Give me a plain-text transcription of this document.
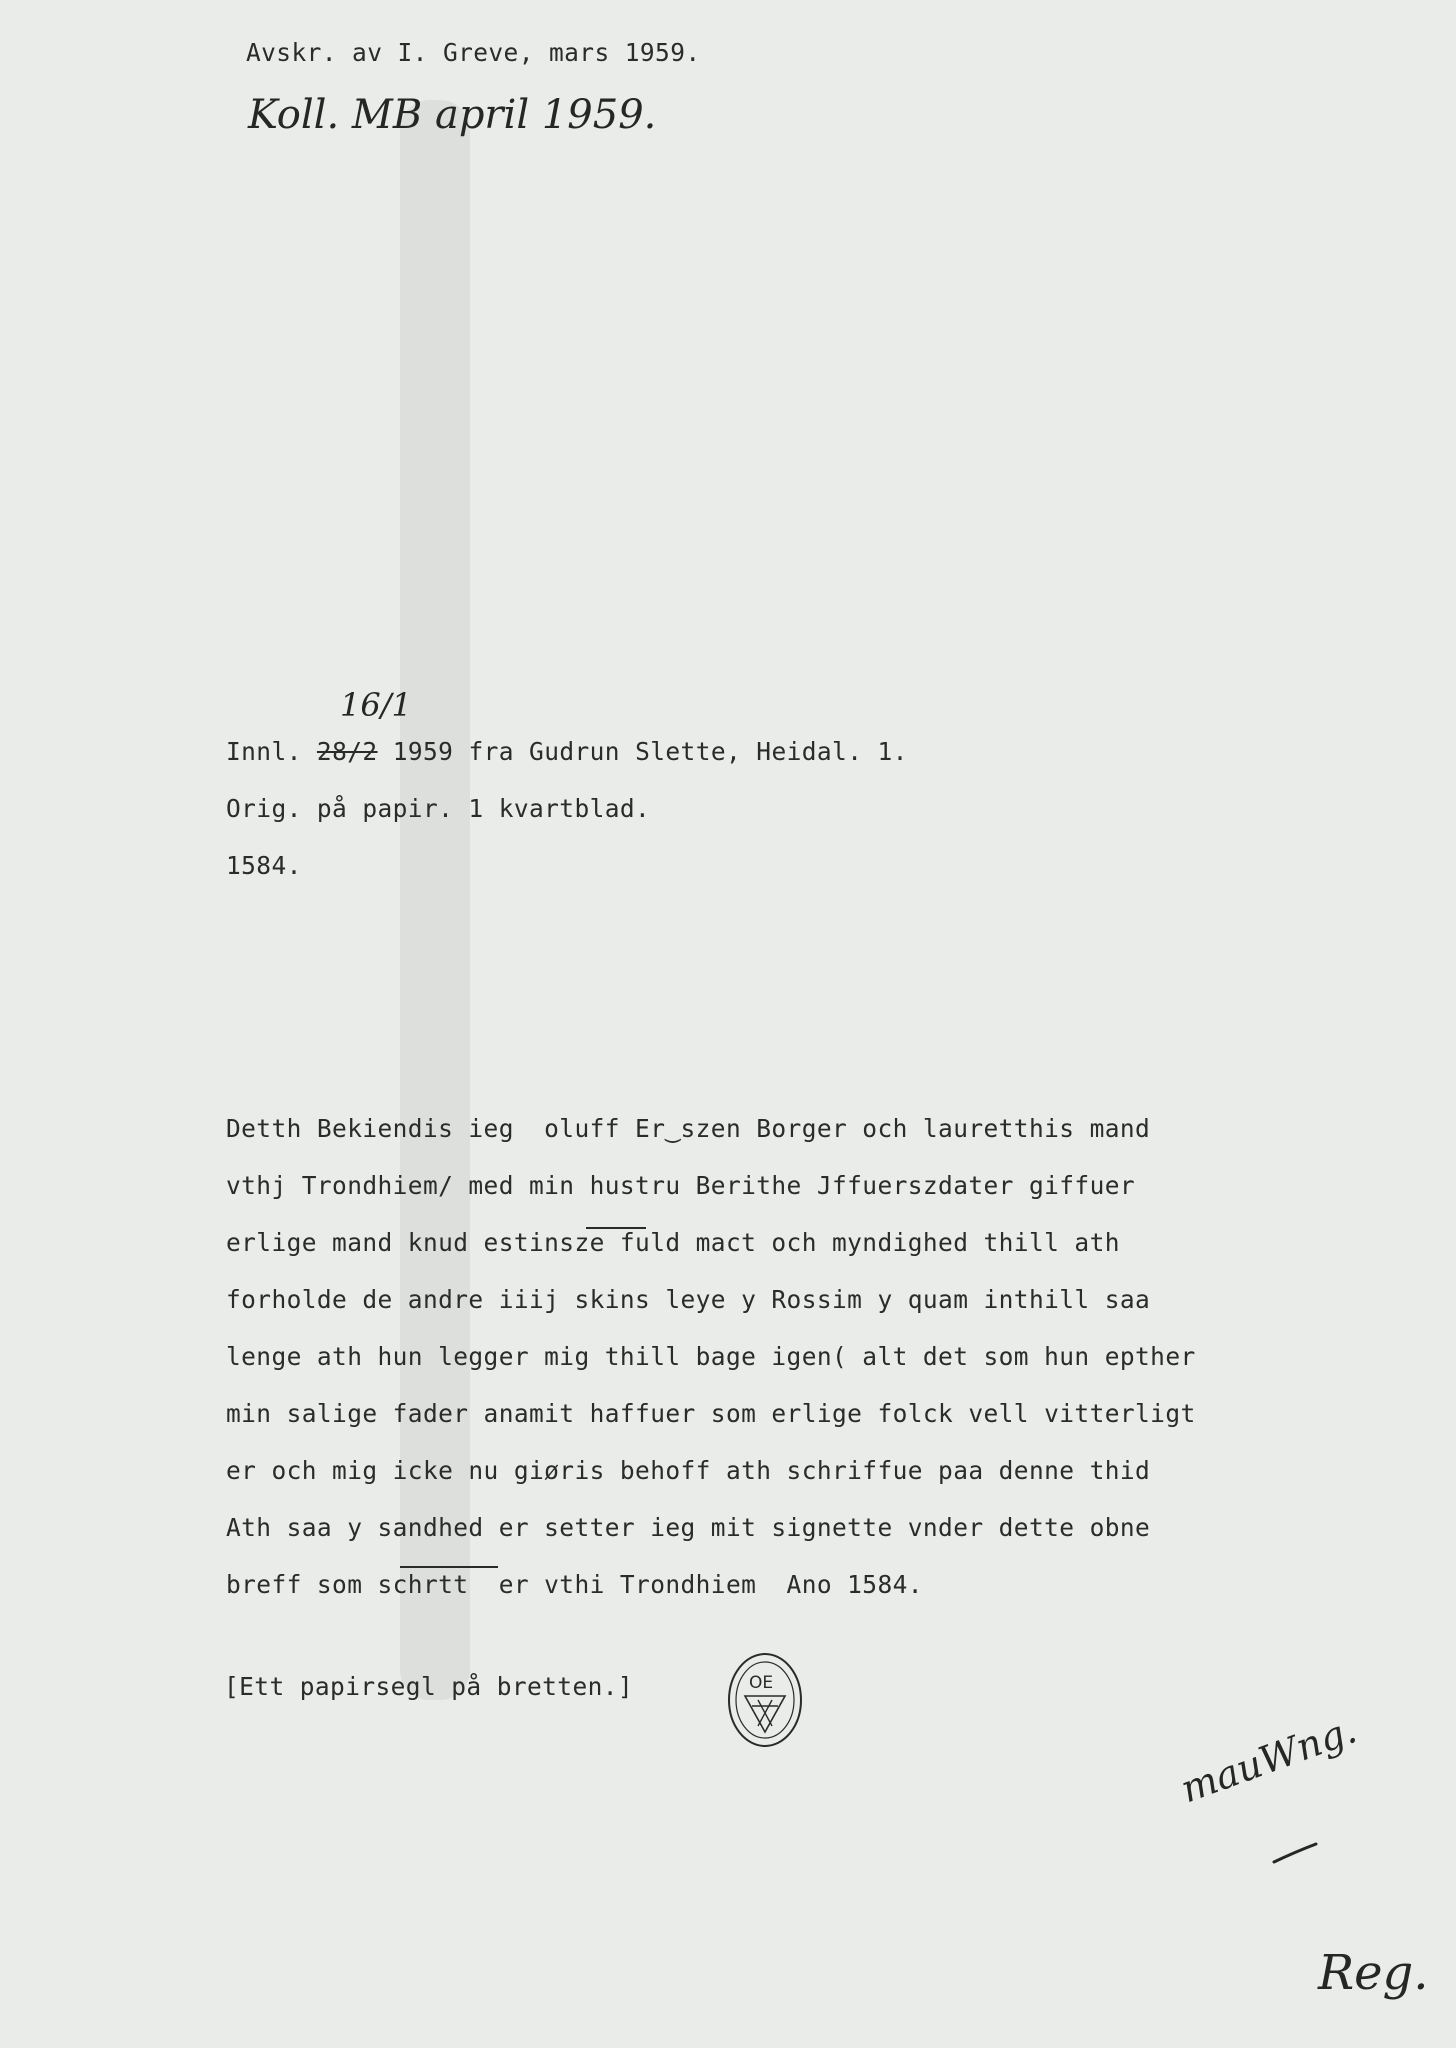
Avskr. av I. Greve, mars 1959.
Koll. MB april 1959.
Innl. 28/2 1959 fra Gudrun Slette, Heidal. 1.
16/1
Orig. på papir. 1 kvartblad.
1584.
Detth Bekiendis ieg  oluff Er‿szen Borger och lauretthis mand
vthj Trondhiem/ med min hustru Berithe Jffuerszdater giffuer
erlige mand knud estinsze fuld mact och myndighed thill ath
forholde de andre iiij skins leye y Rossim y quam inthill saa
lenge ath hun legger mig thill bage igen( alt det som hun epther
min salige fader anamit haffuer som erlige folck vell vitterligt
er och mig icke nu giøris behoff ath schriffue paa denne thid
Ath saa y sandhed er setter ieg mit signette vnder dette obne
breff som schrtt  er vthi Trondhiem  Ano 1584.
[Ett papirsegl på bretten.]	OE
mauWng.
Reg.
